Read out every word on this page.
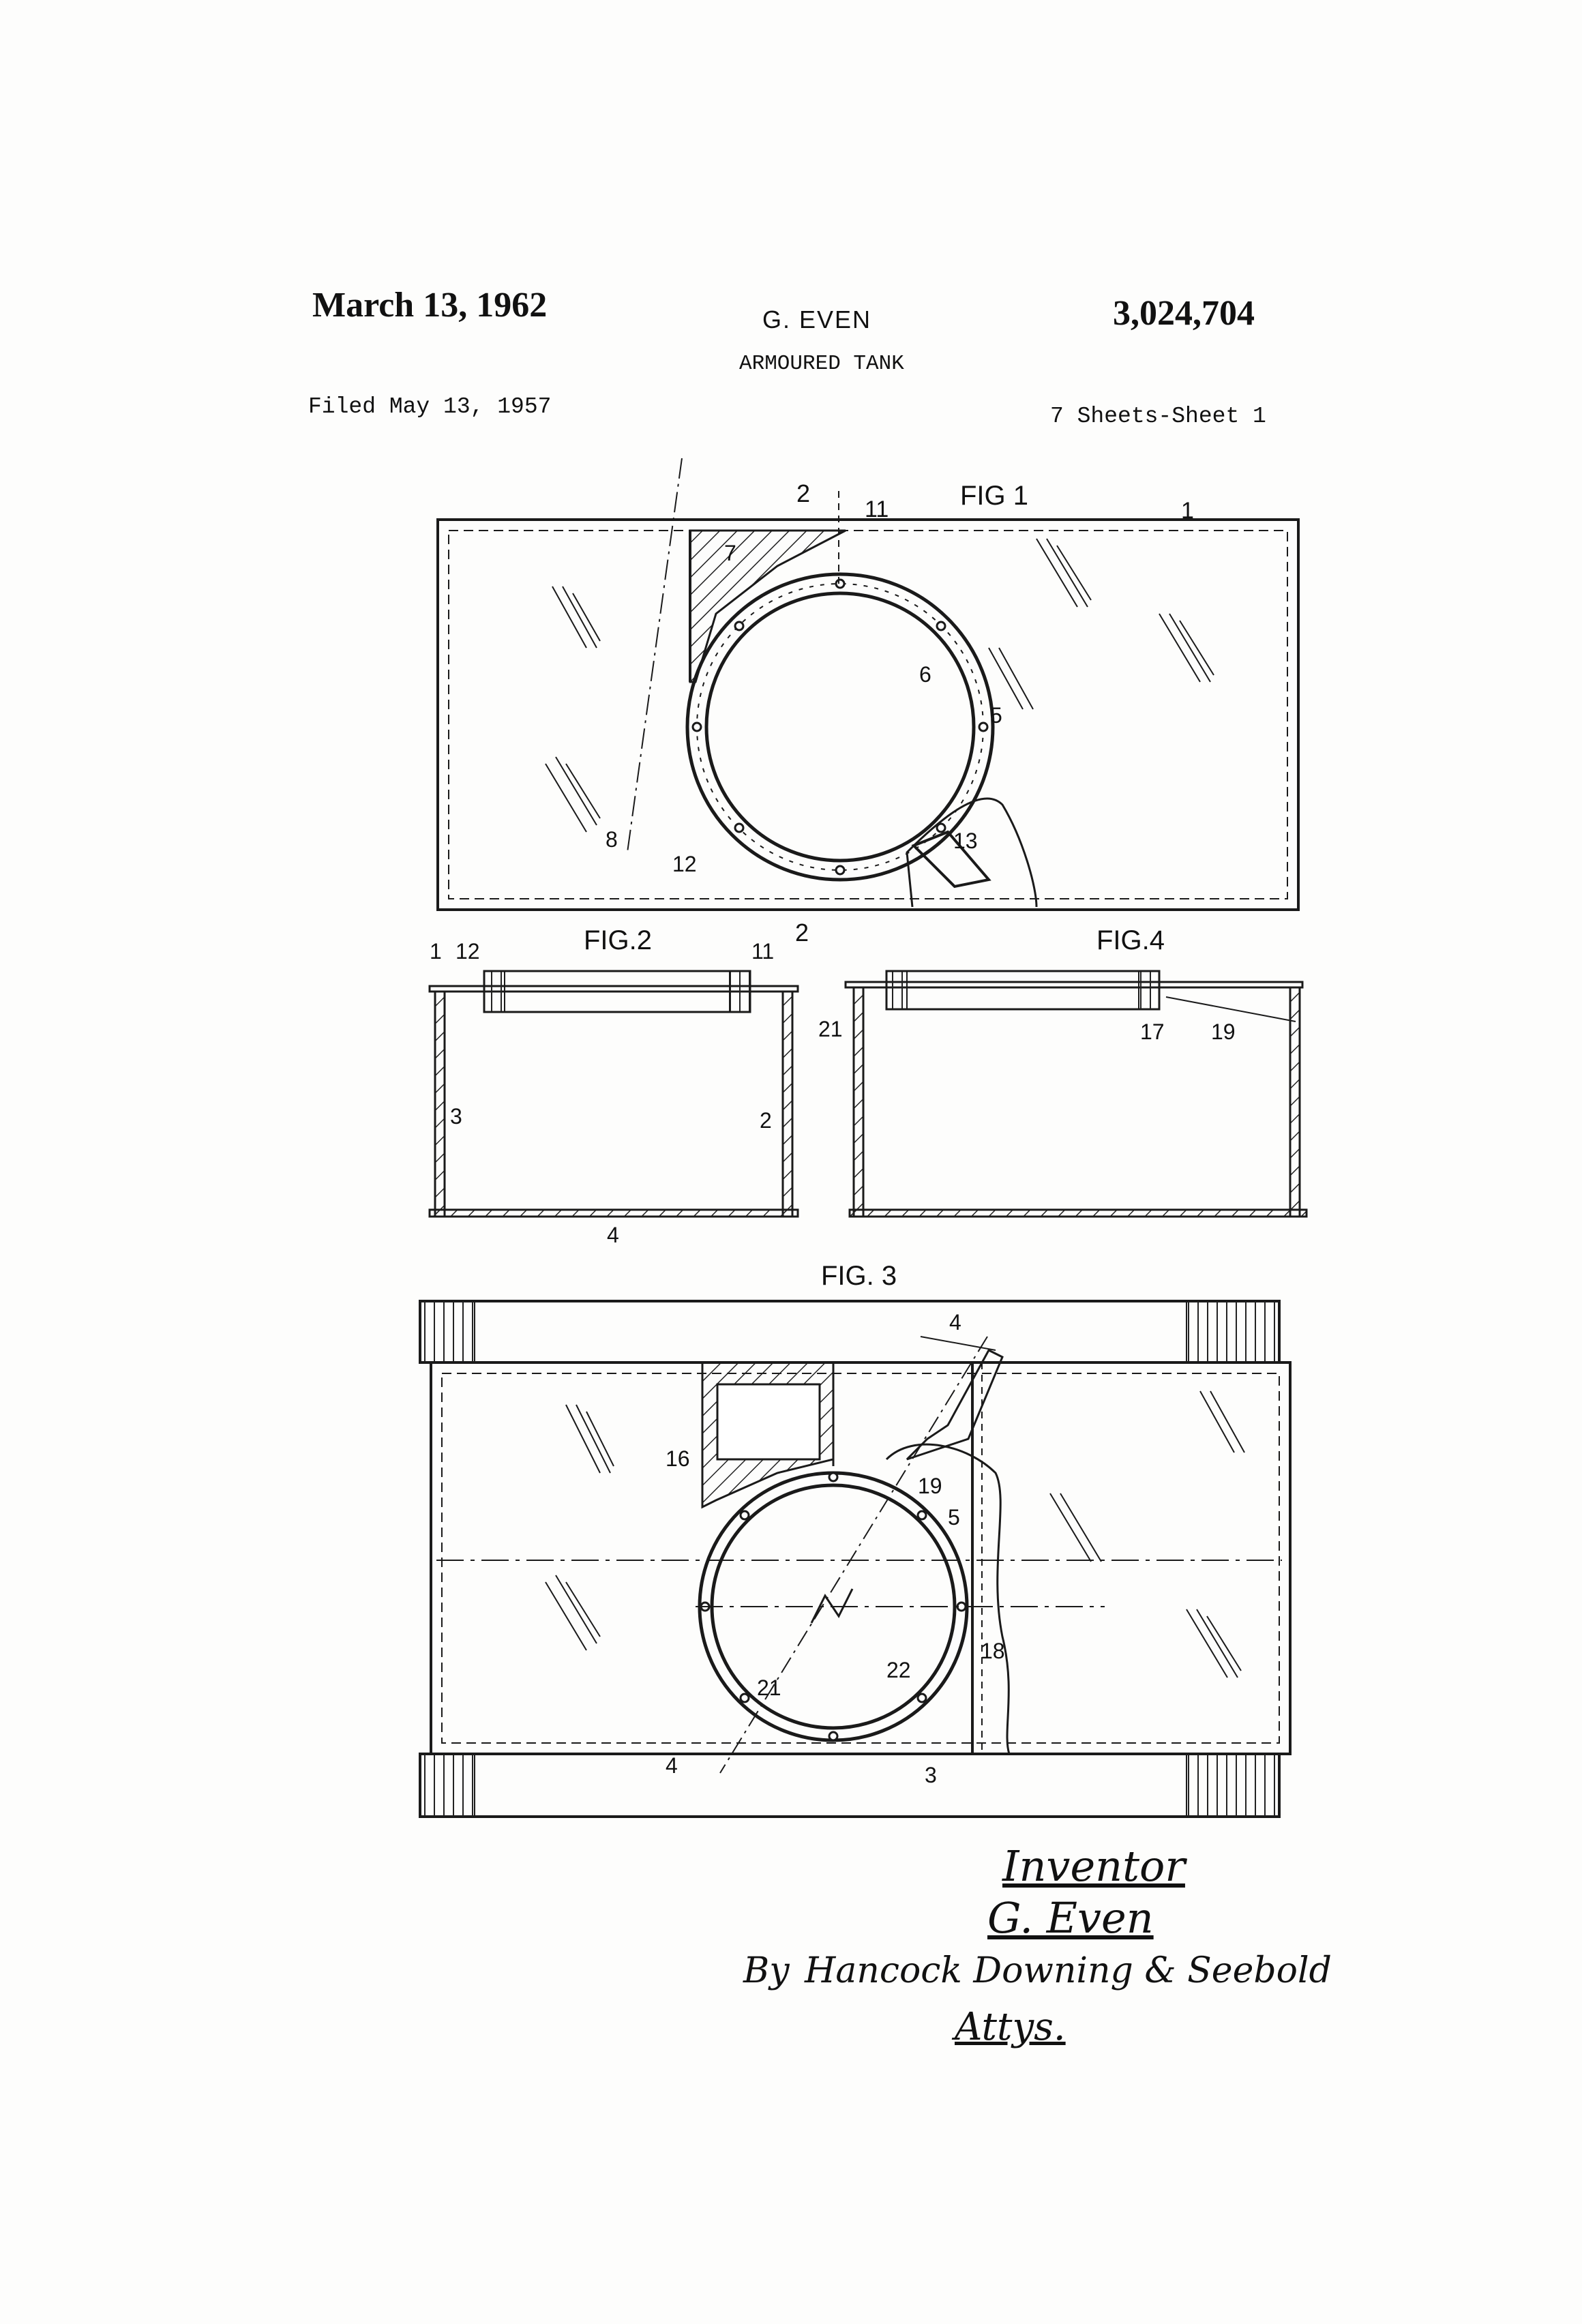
March 13, 1962	G. EVEN	3,024,704
ARMOURED TANK
Filed May 13, 1957	7 Sheets-Sheet 1
FIG 1
2
2
1
11
7
6
5
8
12
13
FIG.2
1 12	11
3	2
4
FIG.4
21	17 19
FIG. 3
4
4
16
19
5
18
21
22
3
Inventor
G. Even
By Hancock Downing & Seebold
Attys.
